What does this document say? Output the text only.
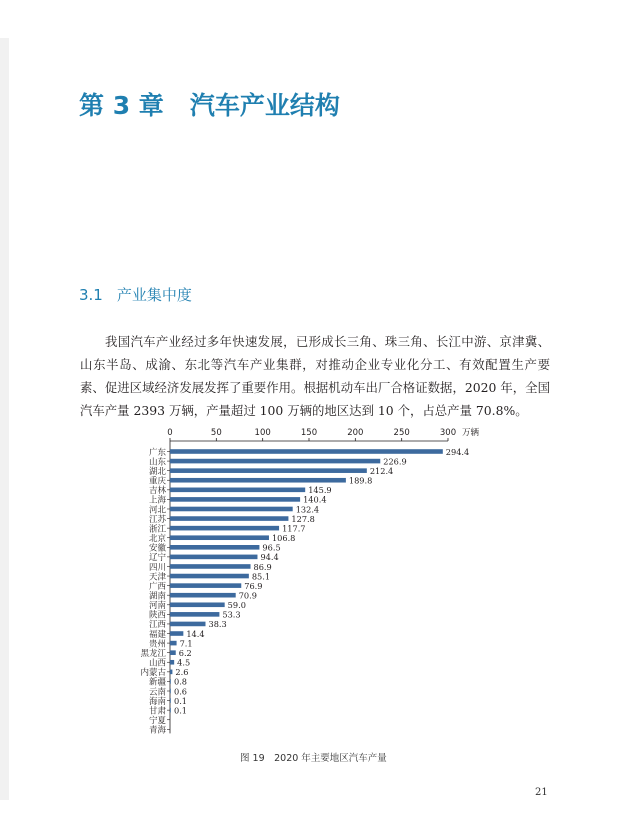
第 3 章 汽车产业结构
3.1 产业集中度

我国汽车产业经过多年快速发展，已形成长三角、珠三角、长江中游、京津冀、山东半岛、成渝、东北等汽车产业集群，对推动企业专业化分工、有效配置生产要素、促进区域经济发展发挥了重要作用。根据机动车出厂合格证数据，2020 年，全国汽车产量 2393 万辆，产量超过 100 万辆的地区达到 10 个，占总产量 70.8%。

0	50	100	150	200	250	300 万辆
广东	294.4
山东	226.9
湖北	212.4
重庆	189.8
吉林	145.9
上海	140.4
河北	132.4
江苏	127.8
浙江	117.7
北京	106.8
安徽	96.5
辽宁	94.4
四川	86.9
天津	85.1
广西	76.9
湖南	70.9
河南	59.0
陕西	53.3
江西	38.3
福建 14.4
贵州 7.1
黑龙江 6.2
山西 4.5
内蒙古 2.6
新疆 0.8
云南 0.6
海南 0.1
甘肃 0.1
宁夏
青海
图 19　2020 年主要地区汽车产量
21
